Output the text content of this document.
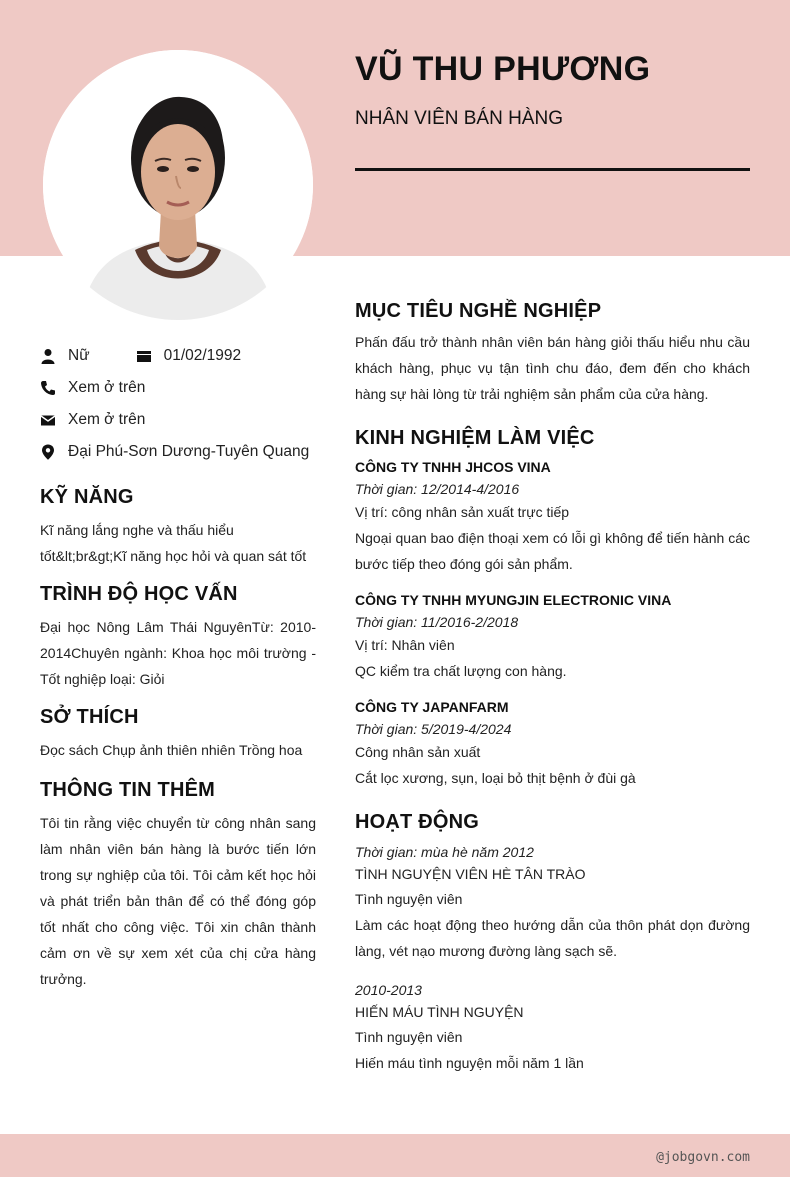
VŨ THU PHƯƠNG
NHÂN VIÊN BÁN HÀNG
Nữ	01/02/1992
Xem ở trên
Xem ở trên
Đại Phú-Sơn Dương-Tuyên Quang
KỸ NĂNG
Kĩ năng lắng nghe và thấu hiểu tốt&lt;br&gt;Kĩ năng học hỏi và quan sát tốt
TRÌNH ĐỘ HỌC VẤN
Đại học Nông Lâm Thái NguyênTừ: 2010-2014Chuyên ngành: Khoa học môi trường - Tốt nghiệp loại: Giỏi
SỞ THÍCH
Đọc sách Chụp ảnh thiên nhiên Trồng hoa
THÔNG TIN THÊM
Tôi tin rằng việc chuyển từ công nhân sang làm nhân viên bán hàng là bước tiến lớn trong sự nghiệp của tôi. Tôi cảm kết học hỏi và phát triển bản thân để có thể đóng góp tốt nhất cho công việc. Tôi xin chân thành cảm ơn về sự xem xét của chị cửa hàng trưởng.
MỤC TIÊU NGHỀ NGHIỆP
Phấn đấu trở thành nhân viên bán hàng giỏi thấu hiểu nhu cầu khách hàng, phục vụ tận tình chu đáo, đem đến cho khách hàng sự hài lòng từ trải nghiệm sản phẩm của cửa hàng.
KINH NGHIỆM LÀM VIỆC
CÔNG TY TNHH JHCOS VINA
Thời gian: 12/2014-4/2016
Vị trí: công nhân sản xuất trực tiếp
Ngoại quan bao điện thoại xem có lỗi gì không để tiến hành các bước tiếp theo đóng gói sản phẩm.
CÔNG TY TNHH MYUNGJIN ELECTRONIC VINA
Thời gian: 11/2016-2/2018
Vị trí: Nhân viên
QC kiểm tra chất lượng con hàng.
CÔNG TY JAPANFARM
Thời gian: 5/2019-4/2024
Công nhân sản xuất
Cắt lọc xương, sụn, loại bỏ thịt bệnh ở đùi gà
HOẠT ĐỘNG
Thời gian: mùa hè năm 2012
TÌNH NGUYỆN VIÊN HÈ TÂN TRÀO
Tình nguyện viên
Làm các hoạt động theo hướng dẫn của thôn phát dọn đường làng, vét nạo mương đường làng sạch sẽ.
2010-2013
HIẾN MÁU TÌNH NGUYỆN
Tình nguyện viên
Hiến máu tình nguyện mỗi năm 1 lần
@jobgovn.com
